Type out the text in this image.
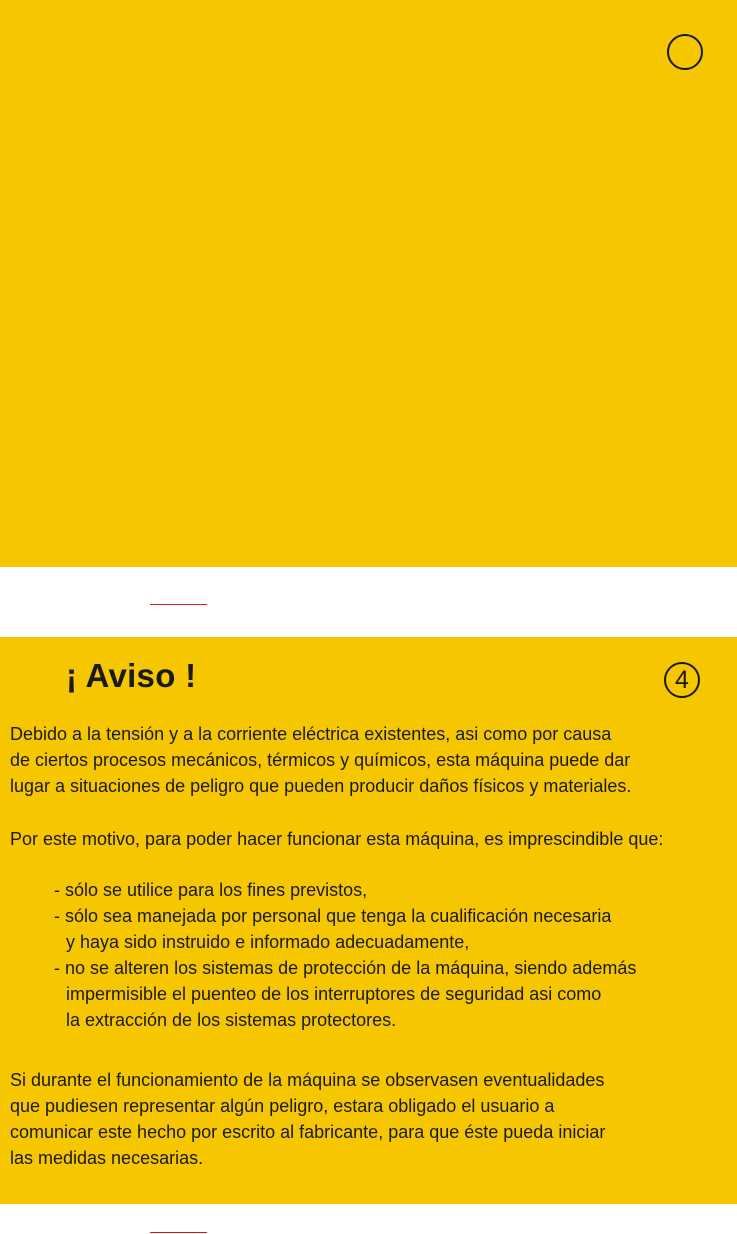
¡ Aviso !	4
Debido a la tensión y a la corriente eléctrica existentes, asi como por causa
de ciertos procesos mecánicos, térmicos y químicos, esta máquina puede dar
lugar a situaciones de peligro que pueden producir daños físicos y materiales.
Por este motivo, para poder hacer funcionar esta máquina, es imprescindible que:
- sólo se utilice para los fines previstos,
- sólo sea manejada por personal que tenga la cualificación necesaria
y haya sido instruido e informado adecuadamente,
- no se alteren los sistemas de protección de la máquina, siendo además
impermisible el puenteo de los interruptores de seguridad asi como
la extracción de los sistemas protectores.
Si durante el funcionamiento de la máquina se observasen eventualidades
que pudiesen representar algún peligro, estara obligado el usuario a
comunicar este hecho por escrito al fabricante, para que éste pueda iniciar
las medidas necesarias.
